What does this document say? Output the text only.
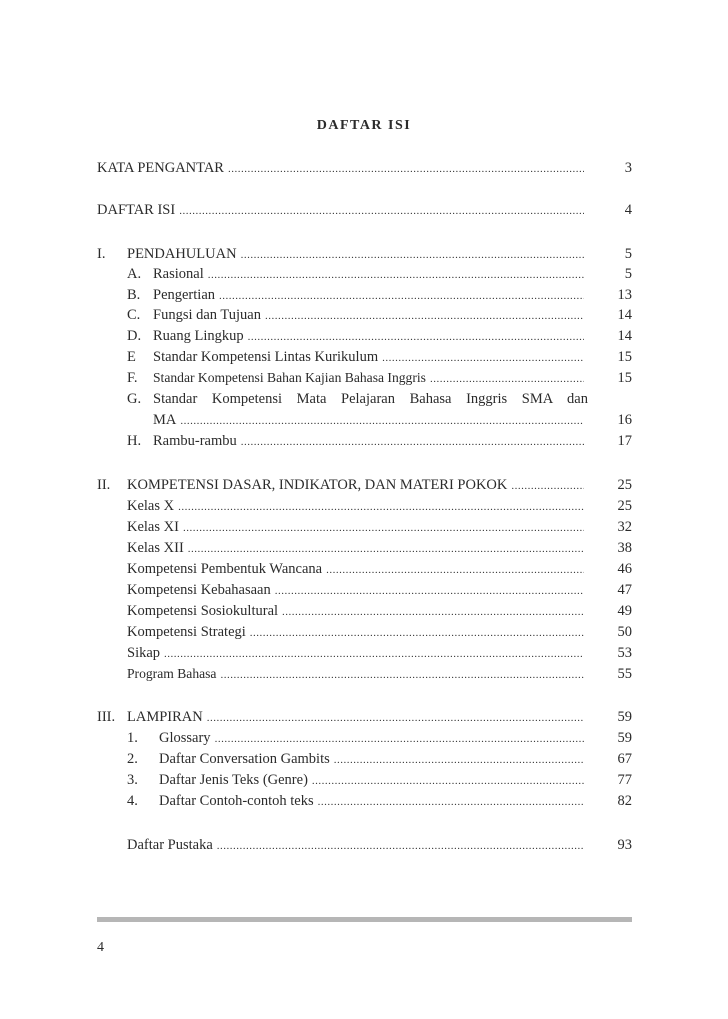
DAFTAR ISI
KATA PENGANTAR .....	3
DAFTAR ISI .....	4
I.	PENDAHULUAN .....	5
A. Rasional .....	5
B. Pengertian .....	13
C. Fungsi dan Tujuan .....	14
D. Ruang Lingkup .....	14
E	Standar Kompetensi Lintas Kurikulum .....	15
F.	Standar Kompetensi Bahan Kajian Bahasa Inggris .....	15
G. Standar Kompetensi Mata Pelajaran Bahasa Inggris SMA dan
MA .....	16
H. Rambu-rambu .....	17
II.	KOMPETENSI DASAR, INDIKATOR, DAN MATERI POKOK .....	25
Kelas X .....	25
Kelas XI .....	32
Kelas XII .....	38
Kompetensi Pembentuk Wancana .....	46
Kompetensi Kebahasaan .....	47
Kompetensi Sosiokultural .....	49
Kompetensi Strategi .....	50
Sikap .....	53
Program Bahasa .....	55
III. LAMPIRAN .....	59
1.	Glossary .....	59
2.	Daftar Conversation Gambits .....	67
3.	Daftar Jenis Teks (Genre) .....	77
4.	Daftar Contoh-contoh teks .....	82
Daftar Pustaka .....	93
4
